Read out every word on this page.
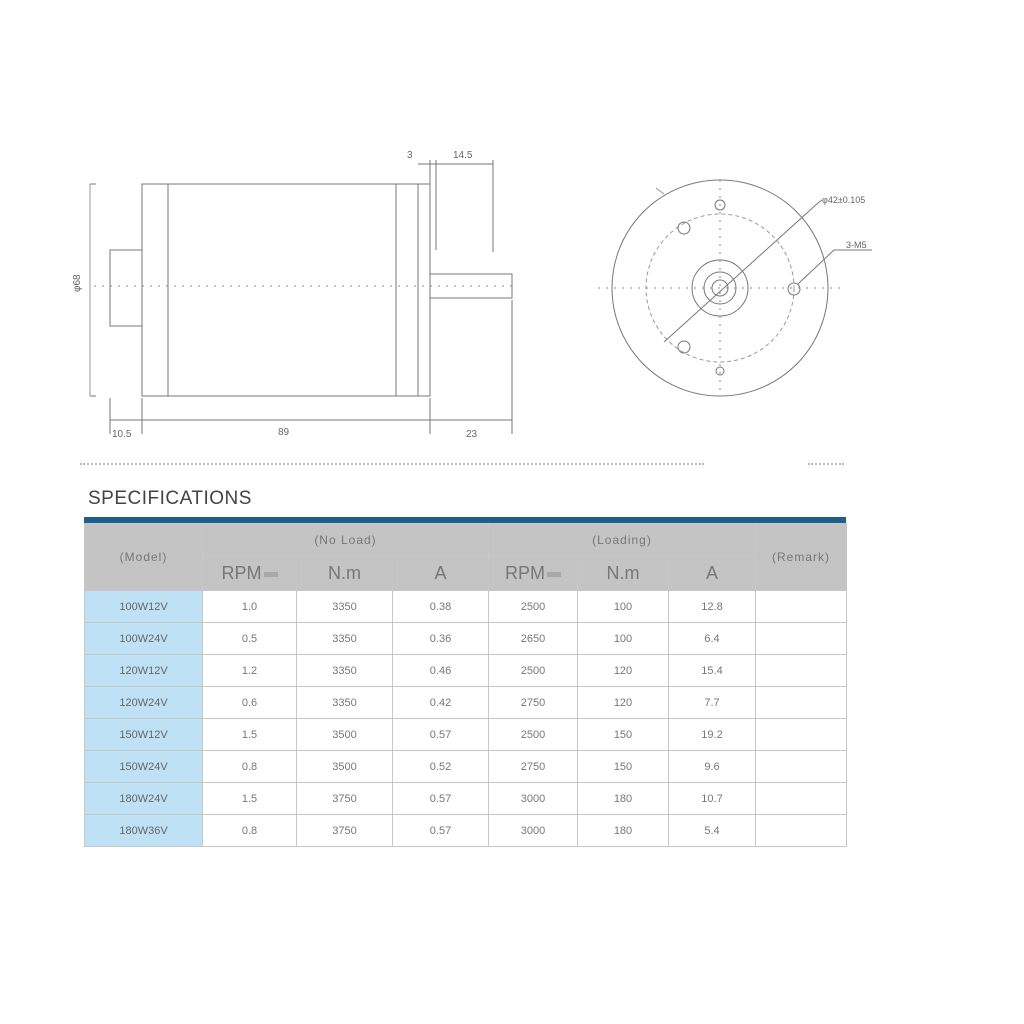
φ68
3	14.5
10.5	89	23
φ42±0.105
3-M5
SPECIFICATIONS
(Model)	(No Load)			(Loading)			(Remark)
	RPM	N.m	A	RPM	N.m	A	
100W12V	1.0	3350	0.38	2500	100	12.8	
100W24V	0.5	3350	0.36	2650	100	6.4	
120W12V	1.2	3350	0.46	2500	120	15.4	
120W24V	0.6	3350	0.42	2750	120	7.7	
150W12V	1.5	3500	0.57	2500	150	19.2	
150W24V	0.8	3500	0.52	2750	150	9.6	
180W24V	1.5	3750	0.57	3000	180	10.7	
180W36V	0.8	3750	0.57	3000	180	5.4	
